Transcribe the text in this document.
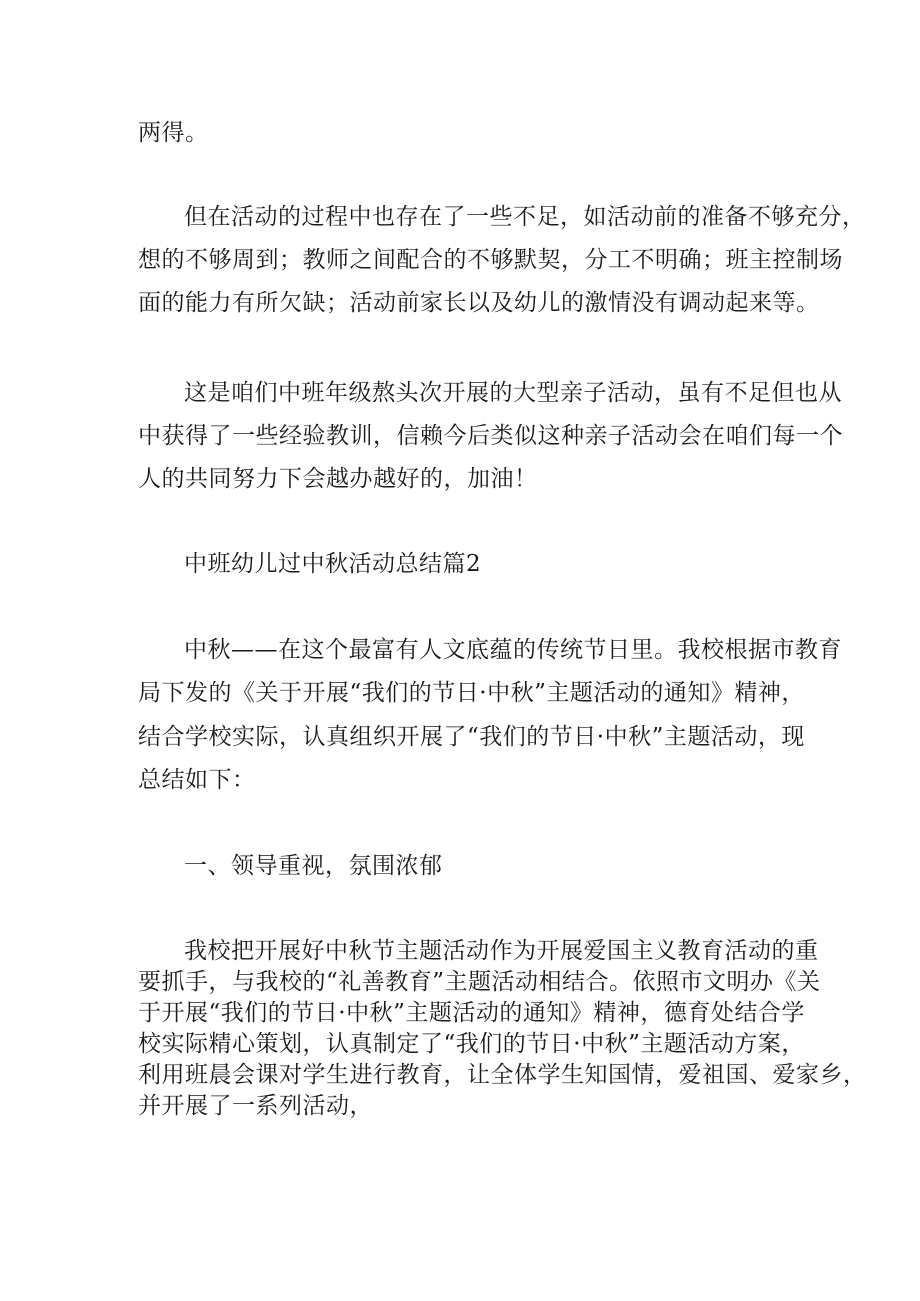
两得。
但在活动的过程中也存在了一些不足，如活动前的准备不够充分，
想的不够周到；教师之间配合的不够默契，分工不明确；班主控制场
面的能力有所欠缺；活动前家长以及幼儿的激情没有调动起来等。
这是咱们中班年级熬头次开展的大型亲子活动，虽有不足但也从
中获得了一些经验教训，信赖今后类似这种亲子活动会在咱们每一个
人的共同努力下会越办越好的，加油！
中班幼儿过中秋活动总结篇2
中秋——在这个最富有人文底蕴的传统节日里。我校根据市教育
局下发的《关于开展“我们的节日·中秋”主题活动的通知》精神，
结合学校实际，认真组织开展了“我们的节日·中秋”主题活动，现
总结如下：
一、领导重视，氛围浓郁
我校把开展好中秋节主题活动作为开展爱国主义教育活动的重
要抓手，与我校的“礼善教育”主题活动相结合。依照市文明办《关
于开展“我们的节日·中秋”主题活动的通知》精神，德育处结合学
校实际精心策划，认真制定了“我们的节日·中秋”主题活动方案，
利用班晨会课对学生进行教育，让全体学生知国情，爱祖国、爱家乡，
并开展了一系列活动，
